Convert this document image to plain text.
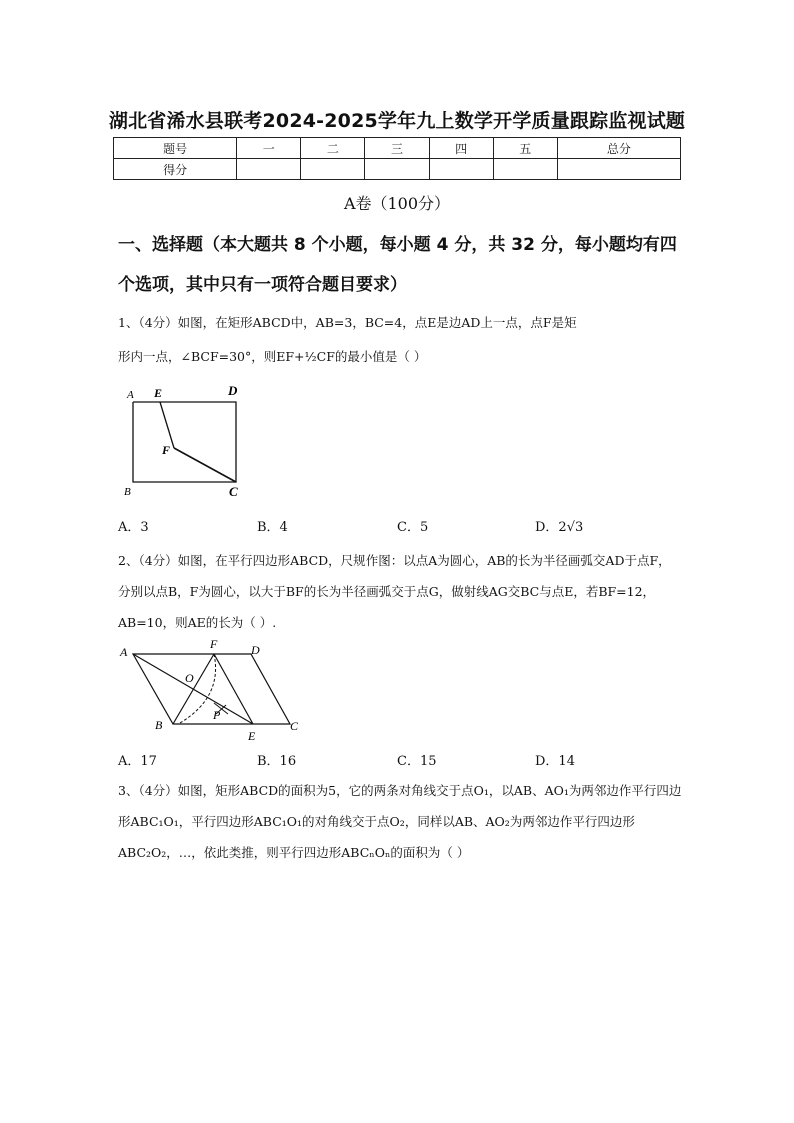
湖北省浠水县联考2024-2025学年九上数学开学质量跟踪监视试题
题号	一	二	三	四	五	总分
得分						
A卷（100分）
一、选择题（本大题共 8 个小题，每小题 4 分，共 32 分，每小题均有四个选项，其中只有一项符合题目要求）
1、（4分）如图，在矩形ABCD中，AB=3，BC=4，点E是边AD上一点，点F是矩
形内一点，∠BCF=30°，则EF+½CF的最小值是（ ）
A E	D
F
B	C
A．3	B．4	C．5	D．2√3
2、（4分）如图，在平行四边形ABCD，尺规作图：以点A为圆心，AB的长为半径画弧交AD于点F，分别以点B，F为圆心，以大于BF的长为半径画弧交于点G，做射线AG交BC与点E，若BF=12，AB=10，则AE的长为（ ）.
A
F	D
O
P
B
E
C
A．17	B．16	C．15	D．14
3、（4分）如图，矩形ABCD的面积为5，它的两条对角线交于点O₁，以AB、AO₁为两邻边作平行四边形ABC₁O₁，平行四边形ABC₁O₁的对角线交于点O₂，同样以AB、AO₂为两邻边作平行四边形ABC₂O₂，…，依此类推，则平行四边形ABCₙOₙ的面积为（ ）
